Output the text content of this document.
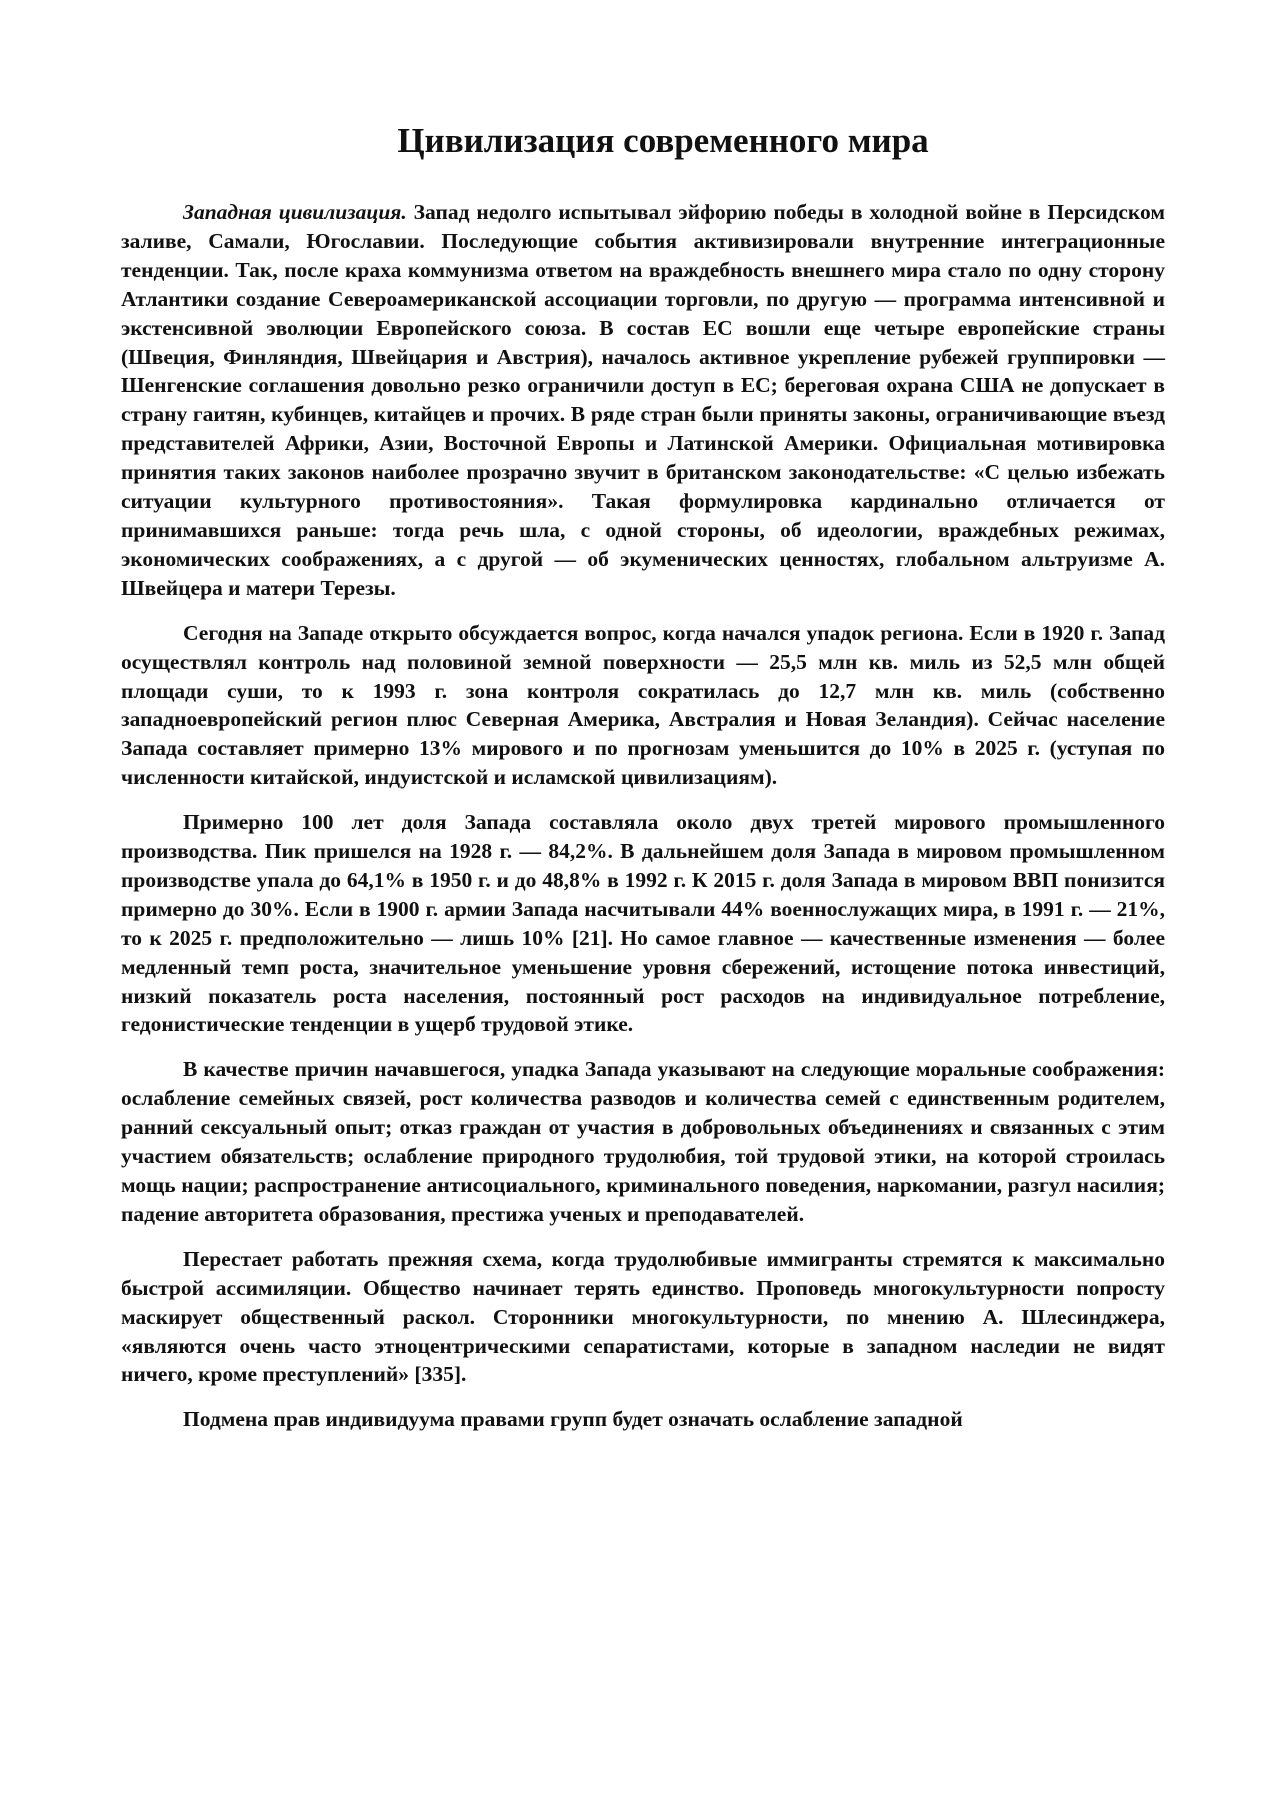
Цивилизация современного мира

Западная цивилизация. Запад недолго испытывал эйфорию победы в холодной войне в Персидском заливе, Самали, Югославии. Последующие события активизировали внутренние интеграционные тенденции. Так, после краха коммунизма ответом на враждебность внешнего мира стало по одну сторону Атлантики создание Североамериканской ассоциации торговли, по другую — программа интенсивной и экстенсивной эволюции Европейского союза. В состав ЕС вошли еще четыре европейские страны (Швеция, Финляндия, Швейцария и Австрия), началось активное укрепление рубежей группировки — Шенгенские соглашения довольно резко ограничили доступ в ЕС; береговая охрана США не допускает в страну гаитян, кубинцев, китайцев и прочих. В ряде стран были приняты законы, ограничивающие въезд представителей Африки, Азии, Восточной Европы и Латинской Америки. Официальная мотивировка принятия таких законов наиболее прозрачно звучит в британском законодательстве: «С целью избежать ситуации культурного противостояния». Такая формулировка кардинально отличается от принимавшихся раньше: тогда речь шла, с одной стороны, об идеологии, враждебных режимах, экономических соображениях, а с другой — об экуменических ценностях, глобальном альтруизме А. Швейцера и матери Терезы.

Сегодня на Западе открыто обсуждается вопрос, когда начался упадок региона. Если в 1920 г. Запад осуществлял контроль над половиной земной поверхности — 25,5 млн кв. миль из 52,5 млн общей площади суши, то к 1993 г. зона контроля сократилась до 12,7 млн кв. миль (собственно западноевропейский регион плюс Северная Америка, Австралия и Новая Зеландия). Сейчас население Запада составляет примерно 13% мирового и по прогнозам уменьшится до 10% в 2025 г. (уступая по численности китайской, индуистской и исламской цивилизациям).

Примерно 100 лет доля Запада составляла около двух третей мирового промышленного производства. Пик пришелся на 1928 г. — 84,2%. В дальнейшем доля Запада в мировом промышленном производстве упала до 64,1% в 1950 г. и до 48,8% в 1992 г. К 2015 г. доля Запада в мировом ВВП понизится примерно до 30%. Если в 1900 г. армии Запада насчитывали 44% военнослужащих мира, в 1991 г. — 21%, то к 2025 г. предположительно — лишь 10% [21]. Но самое главное — качественные изменения — более медленный темп роста, значительное уменьшение уровня сбережений, истощение потока инвестиций, низкий показатель роста населения, постоянный рост расходов на индивидуальное потребление, гедонистические тенденции в ущерб трудовой этике.

В качестве причин начавшегося, упадка Запада указывают на следующие моральные соображения: ослабление семейных связей, рост количества разводов и количества семей с единственным родителем, ранний сексуальный опыт; отказ граждан от участия в добровольных объединениях и связанных с этим участием обязательств; ослабление природного трудолюбия, той трудовой этики, на которой строилась мощь нации; распространение антисоциального, криминального поведения, наркомании, разгул насилия; падение авторитета образования, престижа ученых и преподавателей.

Перестает работать прежняя схема, когда трудолюбивые иммигранты стремятся к максимально быстрой ассимиляции. Общество начинает терять единство. Проповедь многокультурности попросту маскирует общественный раскол. Сторонники многокультурности, по мнению А. Шлесинджера, «являются очень часто этноцентрическими сепаратистами, которые в западном наследии не видят ничего, кроме преступлений» [335].

Подмена прав индивидуума правами групп будет означать ослабление западной
